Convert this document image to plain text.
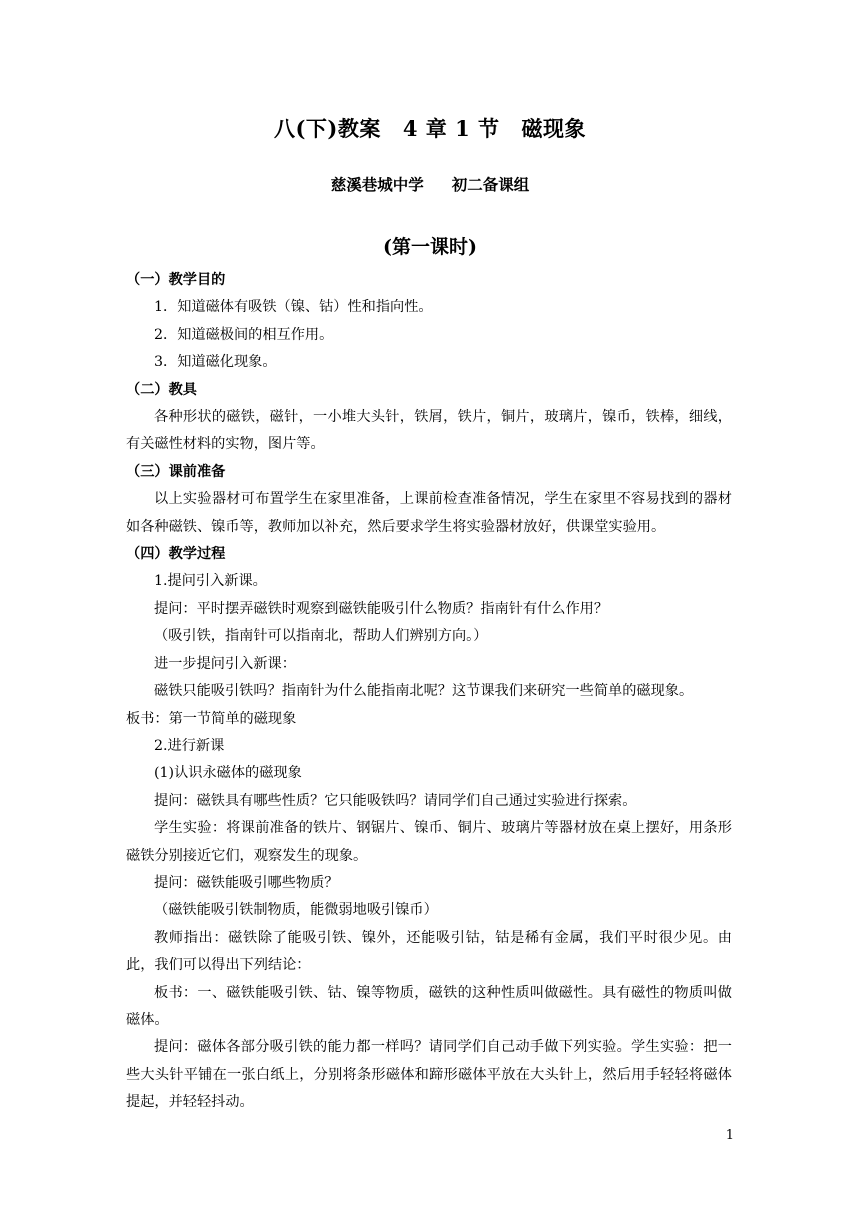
八(下)教案 4 章 1 节 磁现象
慈溪巷城中学 初二备课组
(第一课时)

（一）教学目的

1．知道磁体有吸铁（镍、钴）性和指向性。

2．知道磁极间的相互作用。

3．知道磁化现象。

（二）教具

各种形状的磁铁，磁针，一小堆大头针，铁屑，铁片，铜片，玻璃片，镍币，铁棒，细线，有关磁性材料的实物，图片等。

（三）课前准备

以上实验器材可布置学生在家里准备，上课前检查准备情况，学生在家里不容易找到的器材如各种磁铁、镍币等，教师加以补充，然后要求学生将实验器材放好，供课堂实验用。

（四）教学过程

1.提问引入新课。

提问：平时摆弄磁铁时观察到磁铁能吸引什么物质？指南针有什么作用？

（吸引铁，指南针可以指南北，帮助人们辨别方向。）

进一步提问引入新课：

磁铁只能吸引铁吗？指南针为什么能指南北呢？这节课我们来研究一些简单的磁现象。

板书：第一节简单的磁现象

2.进行新课

(1)认识永磁体的磁现象

提问：磁铁具有哪些性质？它只能吸铁吗？请同学们自己通过实验进行探索。

学生实验：将课前准备的铁片、钢锯片、镍币、铜片、玻璃片等器材放在桌上摆好，用条形磁铁分别接近它们，观察发生的现象。

提问：磁铁能吸引哪些物质？

（磁铁能吸引铁制物质，能微弱地吸引镍币）

教师指出：磁铁除了能吸引铁、镍外，还能吸引钴，钴是稀有金属，我们平时很少见。由此，我们可以得出下列结论：

板书：一、磁铁能吸引铁、钴、镍等物质，磁铁的这种性质叫做磁性。具有磁性的物质叫做磁体。

提问：磁体各部分吸引铁的能力都一样吗？请同学们自己动手做下列实验。学生实验：把一些大头针平铺在一张白纸上，分别将条形磁体和蹄形磁体平放在大头针上，然后用手轻轻将磁体提起，并轻轻抖动。

1
